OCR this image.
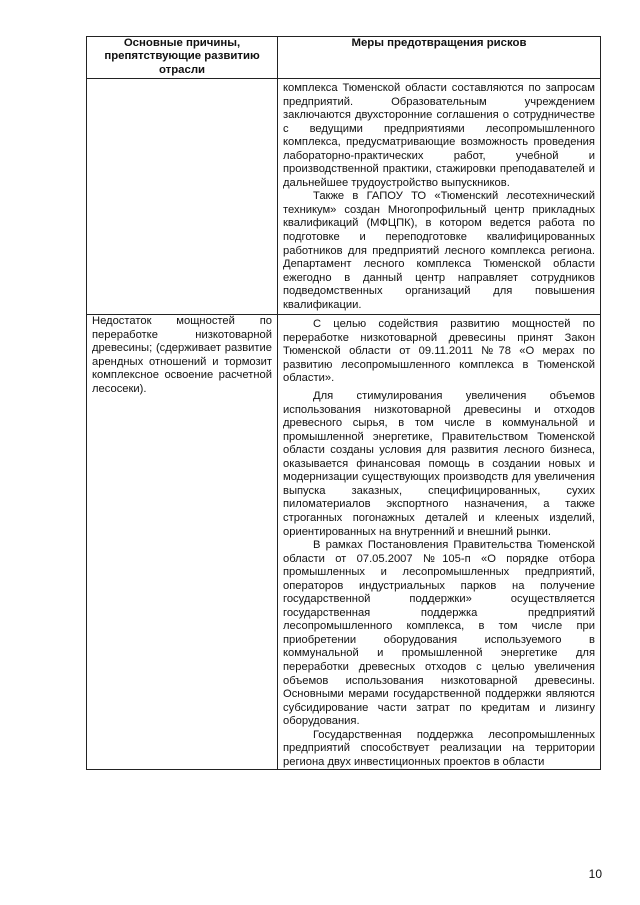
Основные причины, препятствующие развитию отрасли	Меры предотвращения рисков

	комплекса Тюменской области составляются по запросам предприятий. Образовательным учреждением заключаются двухсторонние соглашения о сотрудничестве с ведущими предприятиями лесопромышленного комплекса, предусматривающие возможность проведения лабораторно-практических работ, учебной и производственной практики, стажировки преподавателей и дальнейшее трудоустройство выпускников.

Также в ГАПОУ ТО «Тюменский лесотехнический техникум» создан Многопрофильный центр прикладных квалификаций (МФЦПК), в котором ведется работа по подготовке и переподготовке квалифицированных работников для предприятий лесного комплекса региона. Департамент лесного комплекса Тюменской области ежегодно в данный центр направляет сотрудников подведомственных организаций для повышения квалификации.

Недостаток мощностей по переработке низкотоварной древесины; (сдерживает развитие арендных отношений и тормозит комплексное освоение расчетной лесосеки).	С целью содействия развитию мощностей по переработке низкотоварной древесины принят Закон Тюменской области от 09.11.2011 №78 «О мерах по развитию лесопромышленного комплекса в Тюменской области».

Для стимулирования увеличения объемов использования низкотоварной древесины и отходов древесного сырья, в том числе в коммунальной и промышленной энергетике, Правительством Тюменской области созданы условия для развития лесного бизнеса, оказывается финансовая помощь в создании новых и модернизации существующих производств для увеличения выпуска заказных, специфицированных, сухих пиломатериалов экспортного назначения, а также строганных погонажных деталей и клееных изделий, ориентированных на внутренний и внешний рынки.

В рамках Постановления Правительства Тюменской области от 07.05.2007 №105-п «О порядке отбора промышленных и лесопромышленных предприятий, операторов индустриальных парков на получение государственной поддержки» осуществляется государственная поддержка предприятий лесопромышленного комплекса, в том числе при приобретении оборудования используемого в коммунальной и промышленной энергетике для переработки древесных отходов с целью увеличения объемов использования низкотоварной древесины. Основными мерами государственной поддержки являются субсидирование части затрат по кредитам и лизингу оборудования.

Государственная поддержка лесопромышленных предприятий способствует реализации на территории региона двух инвестиционных проектов в области

10
